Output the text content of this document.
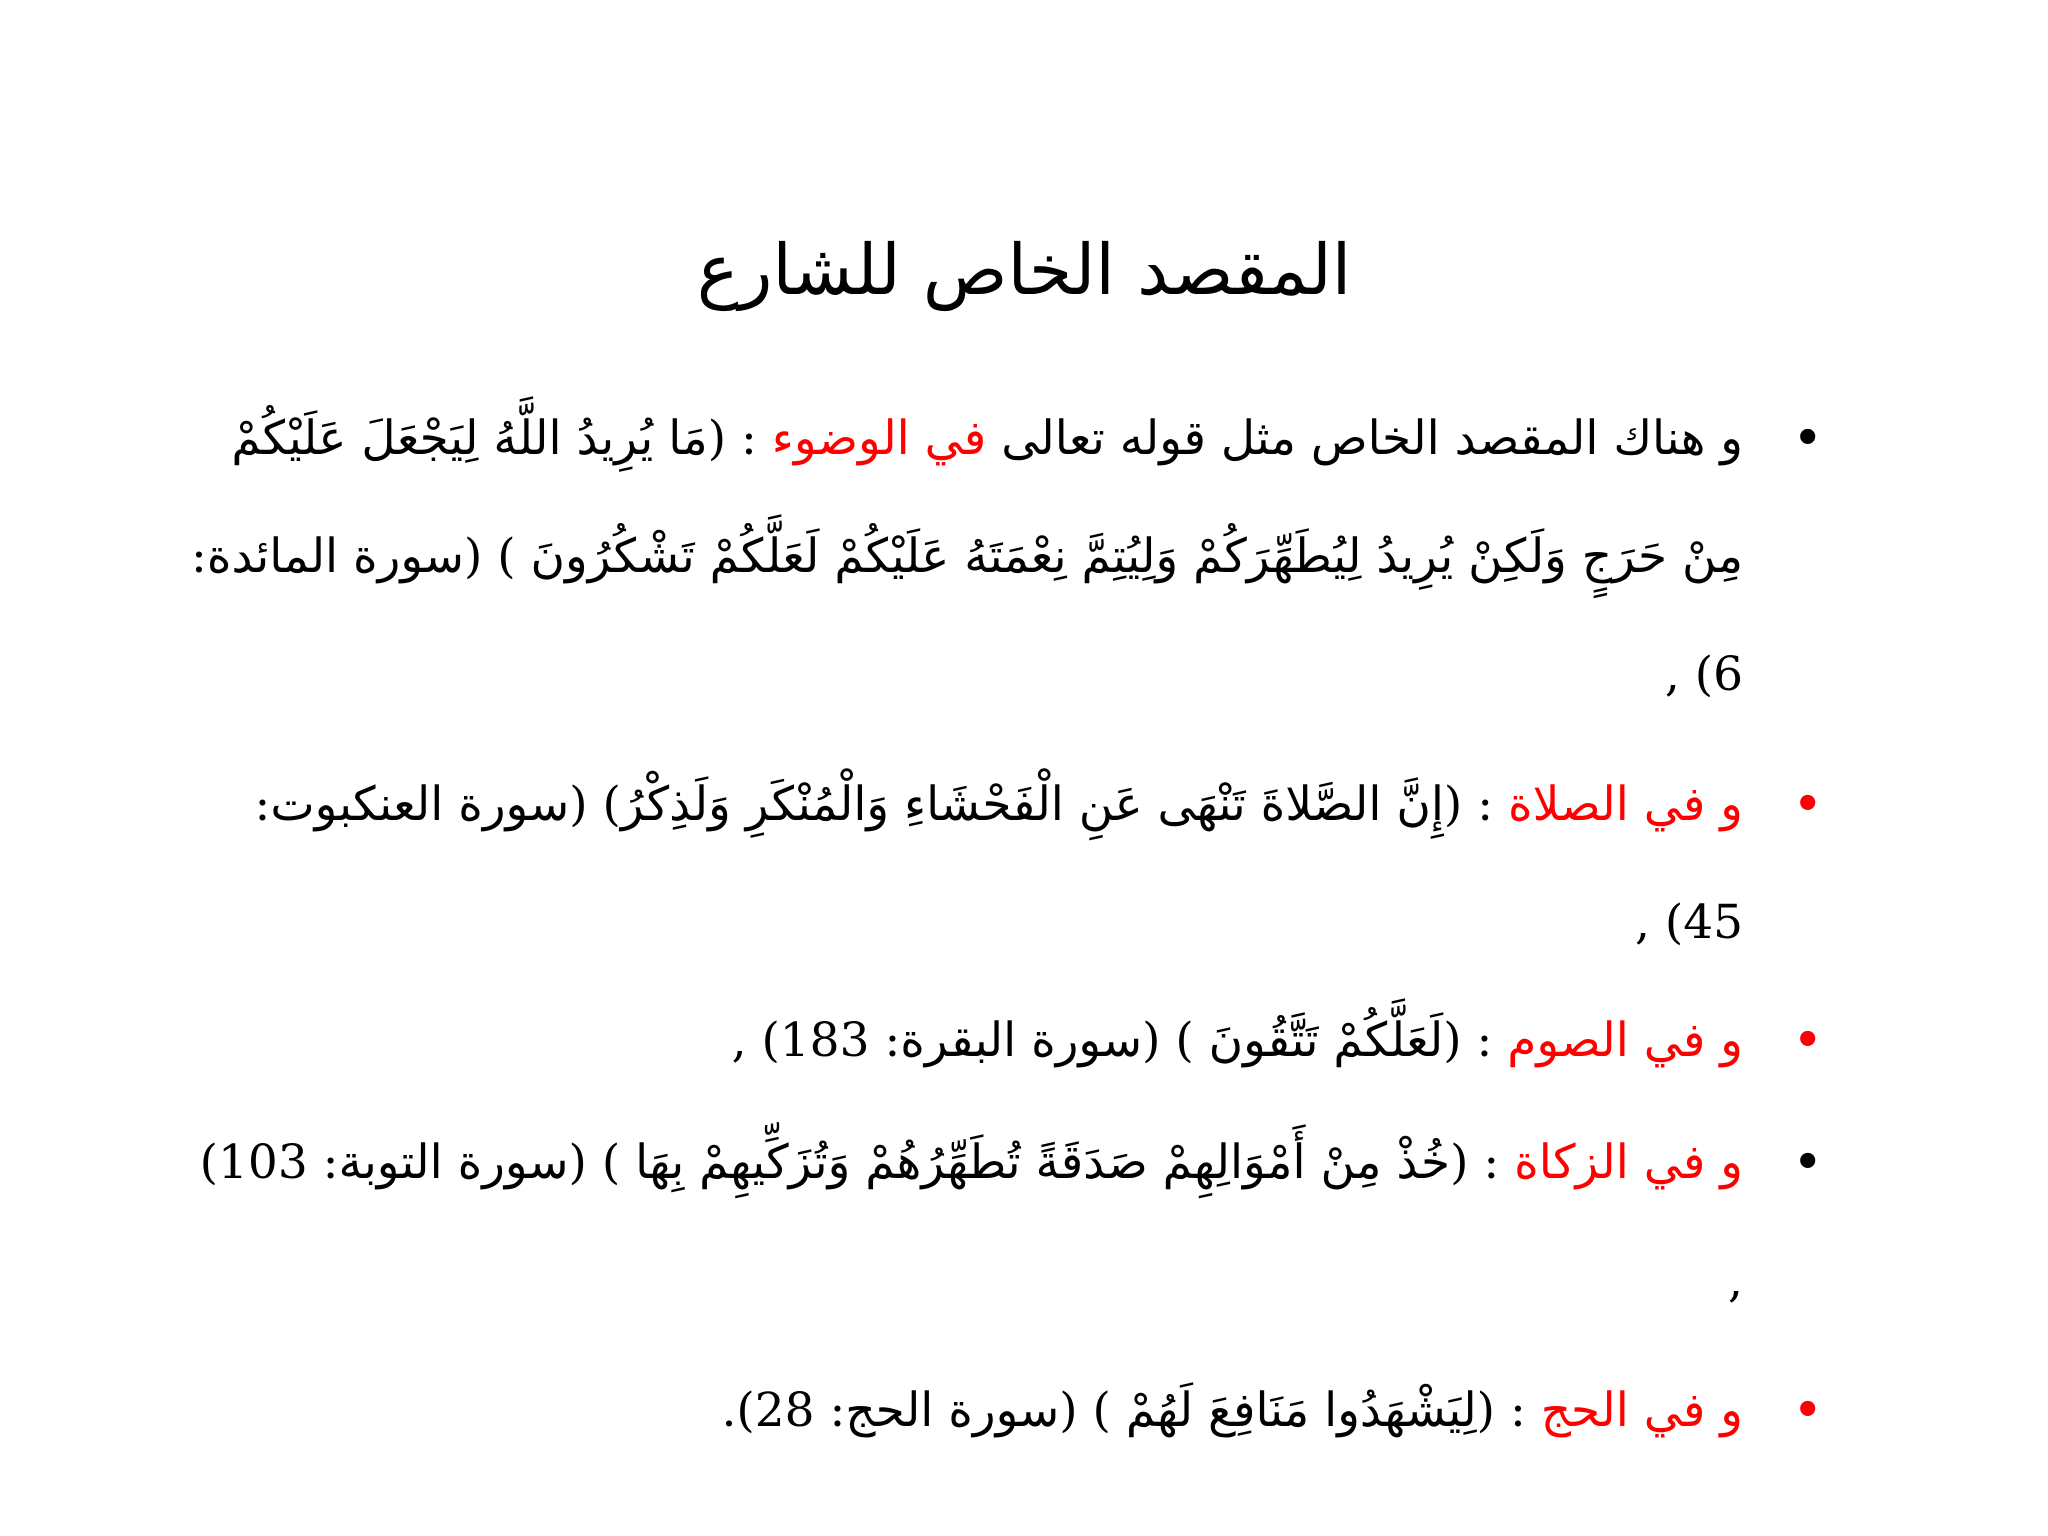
المقصد الخاص للشارع
•
و هناك المقصد الخاص مثل قوله تعالى في الوضوء : (مَا يُرِيدُ اللَّهُ لِيَجْعَلَ عَلَيْكُمْ مِنْ حَرَجٍ وَلَكِنْ يُرِيدُ لِيُطَهِّرَكُمْ وَلِيُتِمَّ نِعْمَتَهُ عَلَيْكُمْ لَعَلَّكُمْ تَشْكُرُونَ ) (سورة المائدة: 6) ,
•
و في الصلاة : (إِنَّ الصَّلاةَ تَنْهَى عَنِ الْفَحْشَاءِ وَالْمُنْكَرِ وَلَذِكْرُ) (سورة العنكبوت: 45) ,
•
و في الصوم : (لَعَلَّكُمْ تَتَّقُونَ ) (سورة البقرة: 183) ,
•
و في الزكاة : (خُذْ مِنْ أَمْوَالِهِمْ صَدَقَةً تُطَهِّرُهُمْ وَتُزَكِّيهِمْ بِهَا ) (سورة التوبة: 103) ,
•
و في الحج : (لِيَشْهَدُوا مَنَافِعَ لَهُمْ ) (سورة الحج: 28).
